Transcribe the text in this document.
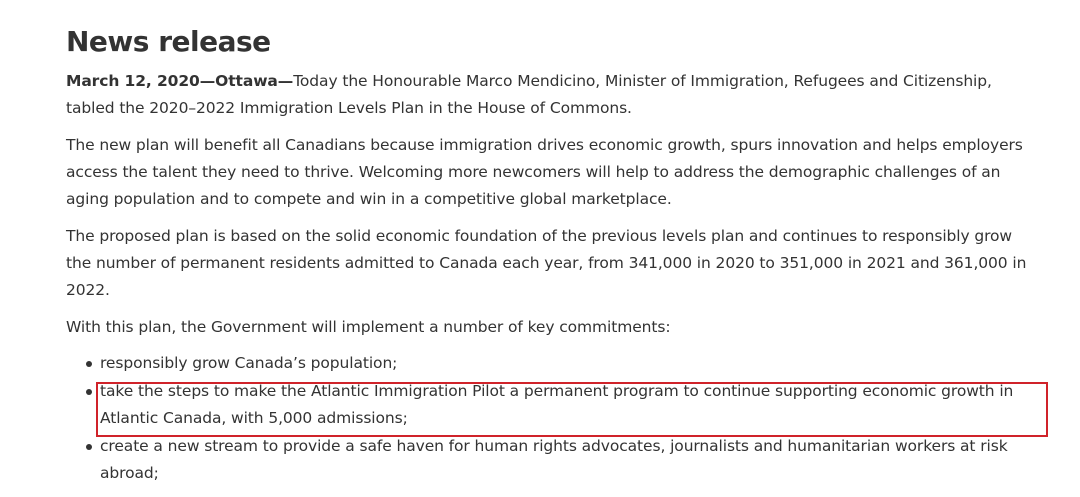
News release

March 12, 2020—Ottawa—Today the Honourable Marco Mendicino, Minister of Immigration, Refugees and Citizenship, tabled the 2020–2022 Immigration Levels Plan in the House of Commons.

The new plan will benefit all Canadians because immigration drives economic growth, spurs innovation and helps employers access the talent they need to thrive. Welcoming more newcomers will help to address the demographic challenges of an aging population and to compete and win in a competitive global marketplace.

The proposed plan is based on the solid economic foundation of the previous levels plan and continues to responsibly grow the number of permanent residents admitted to Canada each year, from 341,000 in 2020 to 351,000 in 2021 and 361,000 in 2022.

With this plan, the Government will implement a number of key commitments:

responsibly grow Canada’s population;
take the steps to make the Atlantic Immigration Pilot a permanent program to continue supporting economic growth in Atlantic Canada, with 5,000 admissions;
create a new stream to provide a safe haven for human rights advocates, journalists and humanitarian workers at risk abroad;
